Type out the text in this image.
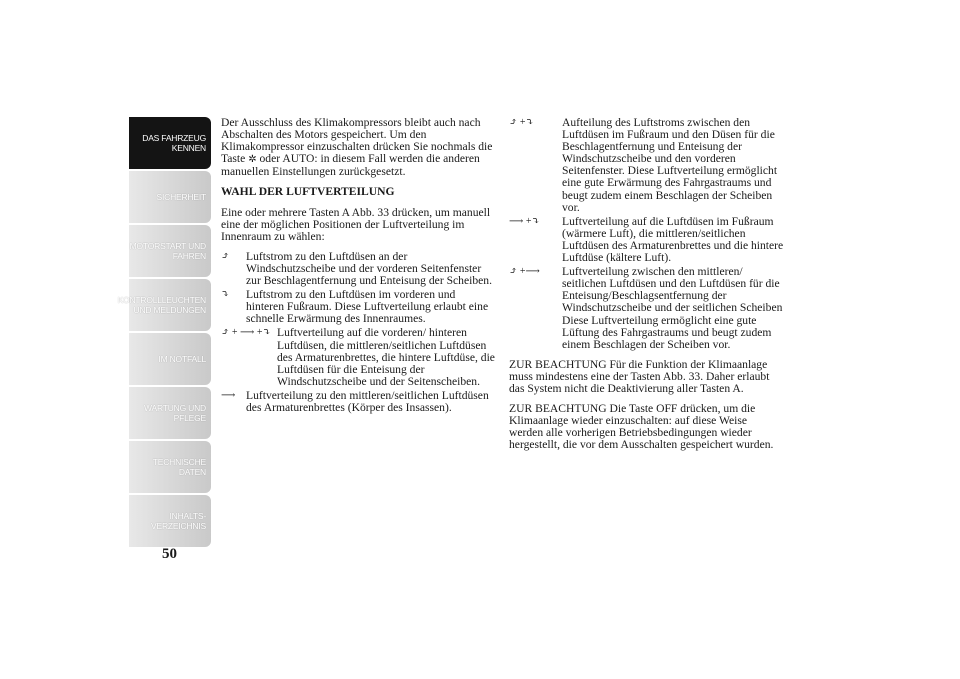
DAS FAHRZEUG
KENNEN
SICHERHEIT
MOTORSTART UND
FAHREN
KONTROLLLEUCHTEN
UND MELDUNGEN
IM NOTFALL
WARTUNG UND
PFLEGE
TECHNISCHE
DATEN
INHALTS-
VERZEICHNIS
50

Der Ausschluss des Klimakompressors bleibt auch nach Abschalten des Motors gespeichert. Um den Klimakompressor einzuschalten drücken Sie nochmals die Taste ✲ oder AUTO: in diesem Fall werden die anderen manuellen Einstellungen zurückgesetzt.

WAHL DER LUFTVERTEILUNG

Eine oder mehrere Tasten A Abb. 33 drücken, um manuell eine der möglichen Positionen der Luftverteilung im Innenraum zu wählen:

⤴	Luftstrom zu den Luftdüsen an der Windschutzscheibe und der vorderen Seitenfenster zur Beschlagentfernung und Enteisung der Scheiben.
⤵	Luftstrom zu den Luftdüsen im vorderen und hinteren Fußraum. Diese Luftverteilung erlaubt eine schnelle Erwärmung des Innenraumes.
⤴ + ⟶ +⤵ Luftverteilung auf die vorderen/ hinteren Luftdüsen, die mittleren/seitlichen Luftdüsen des Armaturenbrettes, die hintere Luftdüse, die Luftdüsen für die Enteisung der Windschutzscheibe und der Seitenscheiben.
⟶ Luftverteilung zu den mittleren/seitlichen Luftdüsen des Armaturenbrettes (Körper des Insassen).
⤴ +⤵	Aufteilung des Luftstroms zwischen den Luftdüsen im Fußraum und den Düsen für die Beschlagentfernung und Enteisung der Windschutzscheibe und den vorderen Seitenfenster. Diese Luftverteilung ermöglicht eine gute Erwärmung des Fahrgastraums und beugt zudem einem Beschlagen der Scheiben vor.
⟶ +⤵	Luftverteilung auf die Luftdüsen im Fußraum (wärmere Luft), die mittleren/seitlichen Luftdüsen des Armaturenbrettes und die hintere Luftdüse (kältere Luft).
⤴ +⟶	Luftverteilung zwischen den mittleren/ seitlichen Luftdüsen und den Luftdüsen für die Enteisung/Beschlagsentfernung der Windschutzscheibe und der seitlichen Scheiben Diese Luftverteilung ermöglicht eine gute Lüftung des Fahrgastraums und beugt zudem einem Beschlagen der Scheiben vor.

ZUR BEACHTUNG Für die Funktion der Klimaanlage muss mindestens eine der Tasten Abb. 33. Daher erlaubt das System nicht die Deaktivierung aller Tasten A.

ZUR BEACHTUNG Die Taste OFF drücken, um die Klimaanlage wieder einzuschalten: auf diese Weise werden alle vorherigen Betriebsbedingungen wieder hergestellt, die vor dem Ausschalten gespeichert wurden.
